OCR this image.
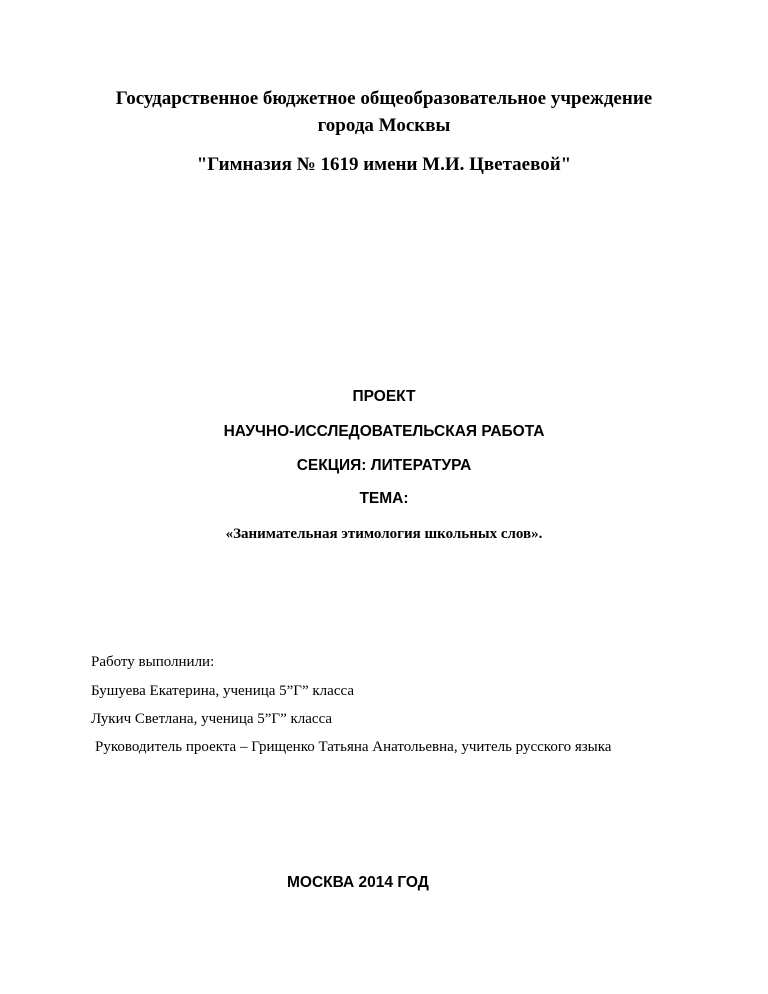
Государственное бюджетное общеобразовательное учреждение
города Москвы
"Гимназия № 1619 имени М.И. Цветаевой"
ПРОЕКТ
НАУЧНО-ИССЛЕДОВАТЕЛЬСКАЯ РАБОТА
СЕКЦИЯ: ЛИТЕРАТУРА
ТЕМА:
«Занимательная этимология школьных слов».
Работу выполнили:
Бушуева Екатерина, ученица 5”Г” класса
Лукич Светлана, ученица 5”Г” класса
Руководитель проекта – Грищенко Татьяна Анатольевна, учитель русского языка
МОСКВА 2014 ГОД
